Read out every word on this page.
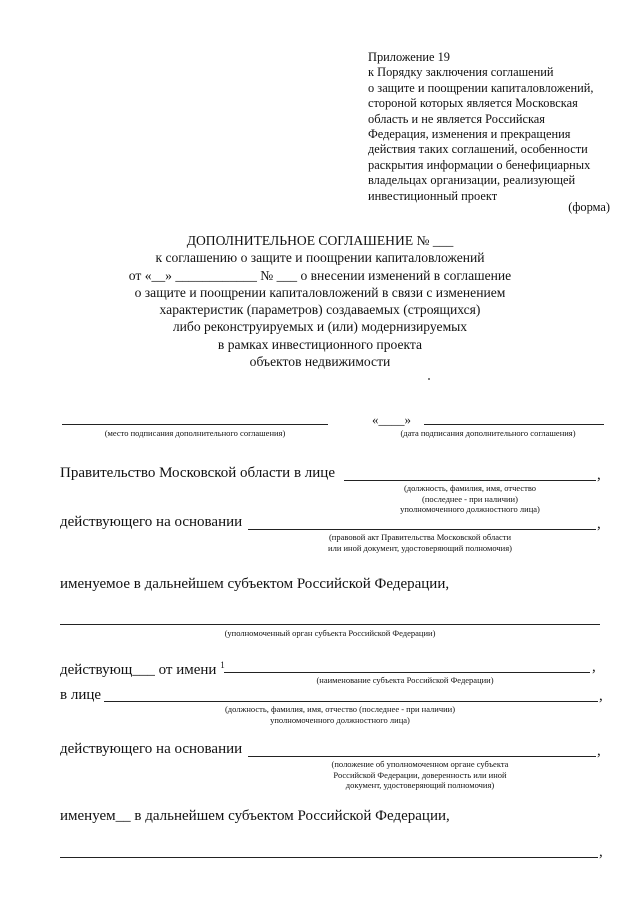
Приложение 19
к Порядку заключения соглашений
о защите и поощрении капиталовложений,
стороной которых является Московская
область и не является Российская
Федерация, изменения и прекращения
действия таких соглашений, особенности
раскрытия информации о бенефициарных
владельцах организации, реализующей
инвестиционный проект
(форма)
ДОПОЛНИТЕЛЬНОЕ СОГЛАШЕНИЕ № ___
к соглашению о защите и поощрении капиталовложений
от «__» ____________ № ___ о внесении изменений в соглашение
о защите и поощрении капиталовложений в связи с изменением
характеристик (параметров) создаваемых (строящихся)
либо реконструируемых и (или) модернизируемых
в рамках инвестиционного проекта
объектов недвижимости
(место подписания дополнительного соглашения)
«____»
(дата подписания дополнительного соглашения)
Правительство Московской области в лице	,
(должность, фамилия, имя, отчество
(последнее - при наличии)
уполномоченного должностного лица)
действующего на основании	,
(правовой акт Правительства Московской области
или иной документ, удостоверяющий полномочия)
именуемое в дальнейшем субъектом Российской Федерации,
(уполномоченный орган субъекта Российской Федерации)
действующ___ от имени $^1$	,
(наименование субъекта Российской Федерации)
в лице	,
(должность, фамилия, имя, отчество (последнее - при наличии)
уполномоченного должностного лица)
действующего на основании	,
(положение об уполномоченном органе субъекта
Российской Федерации, доверенность или иной
документ, удостоверяющий полномочия)
именуем__ в дальнейшем субъектом Российской Федерации,
,
